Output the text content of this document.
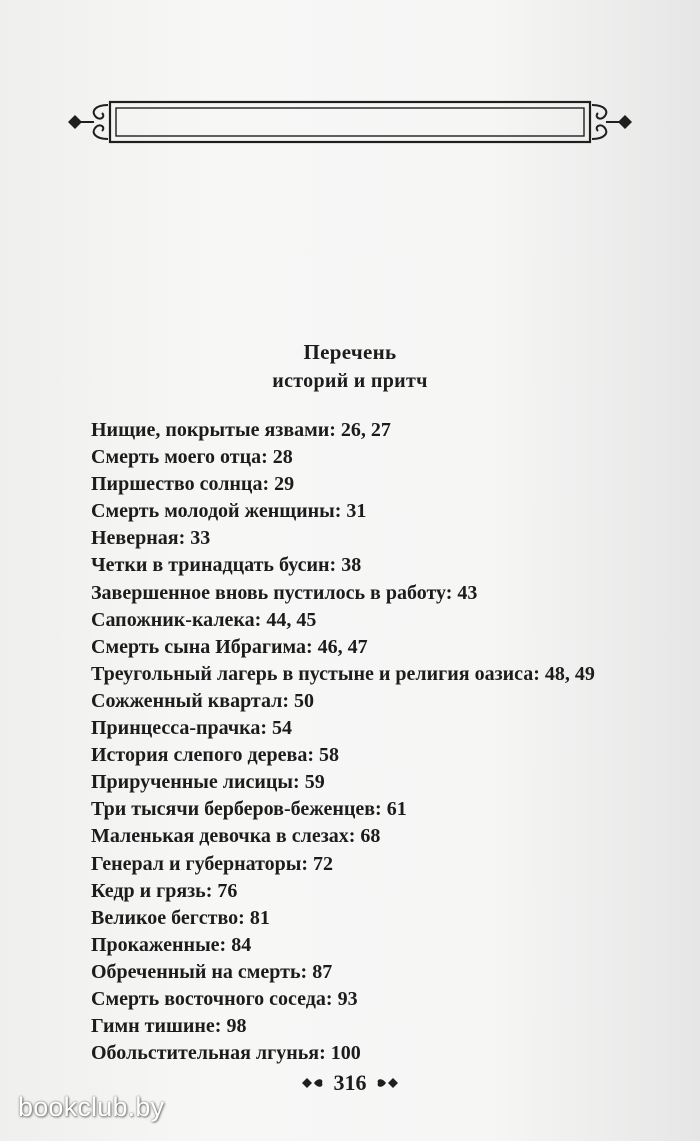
Перечень
историй и притч
Нищие, покрытые язвами: 26, 27
Смерть моего отца: 28
Пиршество солнца: 29
Смерть молодой женщины: 31
Неверная: 33
Четки в тринадцать бусин: 38
Завершенное вновь пустилось в работу: 43
Сапожник-калека: 44, 45
Смерть сына Ибрагима: 46, 47
Треугольный лагерь в пустыне и религия оазиса: 48, 49
Сожженный квартал: 50
Принцесса-прачка: 54
История слепого дерева: 58
Прирученные лисицы: 59
Три тысячи берберов-беженцев: 61
Маленькая девочка в слезах: 68
Генерал и губернаторы: 72
Кедр и грязь: 76
Великое бегство: 81
Прокаженные: 84
Обреченный на смерть: 87
Смерть восточного соседа: 93
Гимн тишине: 98
Обольстительная лгунья: 100
316
bookclub.by
